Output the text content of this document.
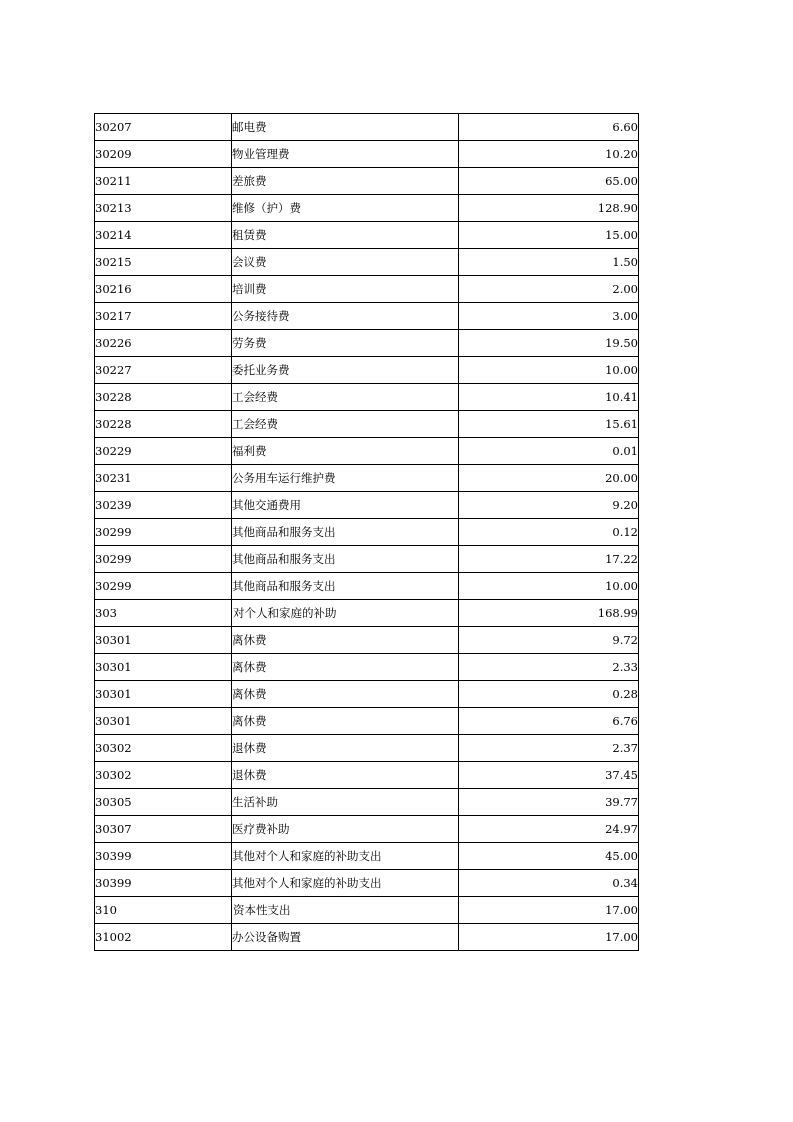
30207	邮电费	6.60
30209	物业管理费	10.20
30211	差旅费	65.00
30213	维修（护）费	128.90
30214	租赁费	15.00
30215	会议费	1.50
30216	培训费	2.00
30217	公务接待费	3.00
30226	劳务费	19.50
30227	委托业务费	10.00
30228	工会经费	10.41
30228	工会经费	15.61
30229	福利费	0.01
30231	公务用车运行维护费	20.00
30239	其他交通费用	9.20
30299	其他商品和服务支出	0.12
30299	其他商品和服务支出	17.22
30299	其他商品和服务支出	10.00
303	对个人和家庭的补助	168.99
30301	离休费	9.72
30301	离休费	2.33
30301	离休费	0.28
30301	离休费	6.76
30302	退休费	2.37
30302	退休费	37.45
30305	生活补助	39.77
30307	医疗费补助	24.97
30399	其他对个人和家庭的补助支出	45.00
30399	其他对个人和家庭的补助支出	0.34
310	资本性支出	17.00
31002	办公设备购置	17.00
